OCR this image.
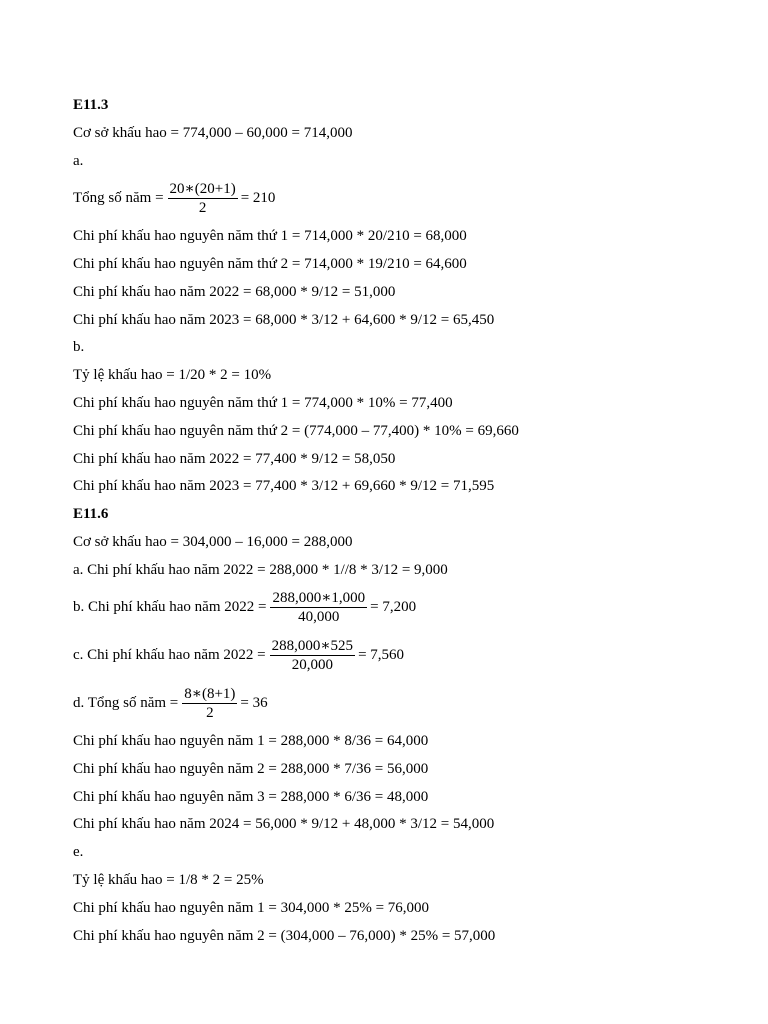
E11.3
Cơ sở khấu hao = 774,000 – 60,000 = 714,000
a.
Tổng số năm = $\frac{20∗(20+1)}{2} = 210$
Chi phí khấu hao nguyên năm thứ 1 = 714,000 * 20/210 = 68,000
Chi phí khấu hao nguyên năm thứ 2 = 714,000 * 19/210 = 64,600
Chi phí khấu hao năm 2022 = 68,000 * 9/12 = 51,000
Chi phí khấu hao năm 2023 = 68,000 * 3/12 + 64,600 * 9/12 = 65,450
b.
Tỷ lệ khấu hao = 1/20 * 2 = 10%
Chi phí khấu hao nguyên năm thứ 1 = 774,000 * 10% = 77,400
Chi phí khấu hao nguyên năm thứ 2 = (774,000 – 77,400) * 10% = 69,660
Chi phí khấu hao năm 2022 = 77,400 * 9/12 = 58,050
Chi phí khấu hao năm 2023 = 77,400 * 3/12 + 69,660 * 9/12 = 71,595
E11.6
Cơ sở khấu hao = 304,000 – 16,000 = 288,000
a. Chi phí khấu hao năm 2022 = 288,000 * 1//8 * 3/12 = 9,000
b. Chi phí khấu hao năm $2022 = \frac{288,000∗1,000}{40,000} = 7,200$
c. Chi phí khấu hao năm $2022 = \frac{288,000∗525}{20,000} = 7,560$
d. Tổng số năm = $\frac{8∗(8+1)}{2} = 36$
Chi phí khấu hao nguyên năm 1 = 288,000 * 8/36 = 64,000
Chi phí khấu hao nguyên năm 2 = 288,000 * 7/36 = 56,000
Chi phí khấu hao nguyên năm 3 = 288,000 * 6/36 = 48,000
Chi phí khấu hao năm 2024 = 56,000 * 9/12 + 48,000 * 3/12 = 54,000
e.
Tỷ lệ khấu hao = 1/8 * 2 = 25%
Chi phí khấu hao nguyên năm 1 = 304,000 * 25% = 76,000
Chi phí khấu hao nguyên năm 2 = (304,000 – 76,000) * 25% = 57,000
